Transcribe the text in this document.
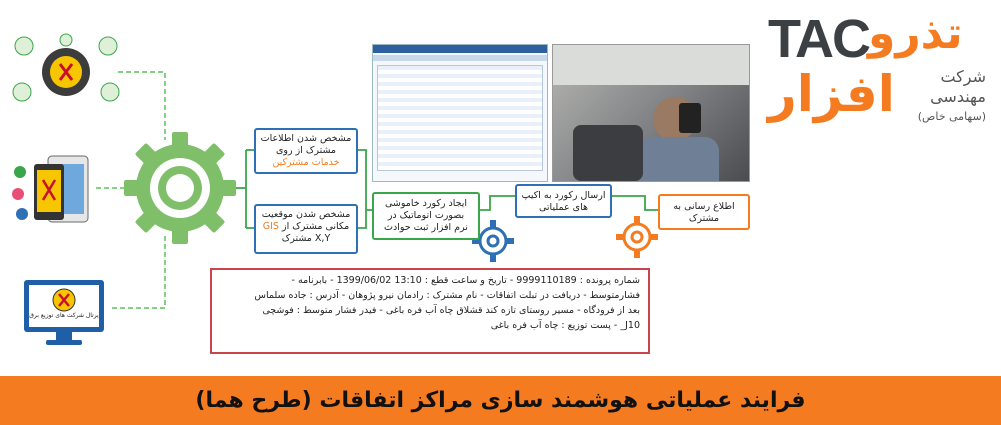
پرتال شرکت های توزیع برق
مشخص شدن اطلاعات
مشترک از روی
خدمات مشترکین
مشخص شدن موقعیت
مکانی مشترک از GIS
X,Y مشترک
ایجاد رکورد خاموشی
بصورت اتوماتیک در
نرم افزار ثبت حوادث
ارسال رکورد به اکیپ
های عملیاتی	اطلاع رسانی به
مشترک
شماره پرونده : 9999110189 - تاریخ و ساعت قطع : 13:10 1399/06/02 - بابرنامه -
فشارمتوسط - دریافت در تبلت اتفاقات - نام مشترک : رادمان نیرو پژوهان - آدرس : جاده سلماس
بعد از فرودگاه - مسیر روستای تازه کند قشلاق چاه آب فره باغی - فیدر فشار متوسط : فوشچی
J10_ - پست توزیع : چاه آب فره باغی
TAC تذرو
افزار	شرکت
مهندسی
(سهامی خاص)
فرایند عملیاتی هوشمند سازی مراکز اتفاقات (طرح هما)
